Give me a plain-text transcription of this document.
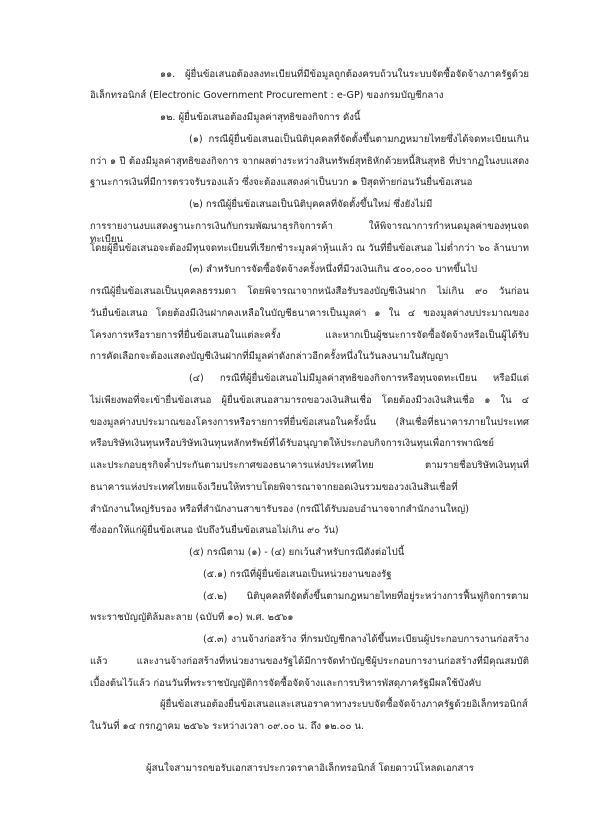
๑๑. ผู้ยื่นข้อเสนอต้องลงทะเบียนที่มีข้อมูลถูกต้องครบถ้วนในระบบจัดซื้อจัดจ้างภาครัฐด้วย
อิเล็กทรอนิกส์ (Electronic Government Procurement : e-GP) ของกรมบัญชีกลาง
๑๒. ผู้ยื่นข้อเสนอต้องมีมูลค่าสุทธิของกิจการ ดังนี้
(๑) กรณีผู้ยื่นข้อเสนอเป็นนิติบุคคลที่จัดตั้งขึ้นตามกฎหมายไทยซึ่งได้จดทะเบียนเกิน
กว่า ๑ ปี ต้องมีมูลค่าสุทธิของกิจการ จากผลต่างระหว่างสินทรัพย์สุทธิหักด้วยหนี้สินสุทธิ ที่ปรากฏในงบแสดง
ฐานะการเงินที่มีการตรวจรับรองแล้ว ซึ่งจะต้องแสดงค่าเป็นบวก ๑ ปีสุดท้ายก่อนวันยื่นข้อเสนอ
(๒) กรณีผู้ยื่นข้อเสนอเป็นนิติบุคคลที่จัดตั้งขึ้นใหม่ ซึ่งยังไม่มี
การรายงานงบแสดงฐานะการเงินกับกรมพัฒนาธุรกิจการค้า ให้พิจารณาการกำหนดมูลค่าของทุนจดทะเบียน
โดยผู้ยื่นข้อเสนอจะต้องมีทุนจดทะเบียนที่เรียกชำระมูลค่าหุ้นแล้ว ณ วันที่ยื่นข้อเสนอ ไม่ต่ำกว่า ๖๐ ล้านบาท
(๓) สำหรับการจัดซื้อจัดจ้างครั้งหนึ่งที่มีวงเงินเกิน ๕๐๐,๐๐๐ บาทขึ้นไป
กรณีผู้ยื่นข้อเสนอเป็นบุคคลธรรมดา โดยพิจารณาจากหนังสือรับรองบัญชีเงินฝาก ไม่เกิน ๙๐ วันก่อน
วันยื่นข้อเสนอ โดยต้องมีเงินฝากคงเหลือในบัญชีธนาคารเป็นมูลค่า ๑ ใน ๔ ของมูลค่างบประมาณของ
โครงการหรือรายการที่ยื่นข้อเสนอในแต่ละครั้ง และหากเป็นผู้ชนะการจัดซื้อจัดจ้างหรือเป็นผู้ได้รับ
การคัดเลือกจะต้องแสดงบัญชีเงินฝากที่มีมูลค่าดังกล่าวอีกครั้งหนึ่งในวันลงนามในสัญญา
(๔) กรณีที่ผู้ยื่นข้อเสนอไม่มีมูลค่าสุทธิของกิจการหรือทุนจดทะเบียน หรือมีแต่
ไม่เพียงพอที่จะเข้ายื่นข้อเสนอ ผู้ยื่นข้อเสนอสามารถขอวงเงินสินเชื่อ โดยต้องมีวงเงินสินเชื่อ ๑ ใน ๔
ของมูลค่างบประมาณของโครงการหรือรายการที่ยื่นข้อเสนอในครั้งนั้น (สินเชื่อที่ธนาคารภายในประเทศ
หรือบริษัทเงินทุนหรือบริษัทเงินทุนหลักทรัพย์ที่ได้รับอนุญาตให้ประกอบกิจการเงินทุนเพื่อการพาณิชย์
และประกอบธุรกิจค้ำประกันตามประกาศของธนาคารแห่งประเทศไทย ตามรายชื่อบริษัทเงินทุนที่
ธนาคารแห่งประเทศไทยแจ้งเวียนให้ทราบโดยพิจารณาจากยอดเงินรวมของวงเงินสินเชื่อที่
สำนักงานใหญ่รับรอง หรือที่สำนักงานสาขารับรอง (กรณีได้รับมอบอำนาจจากสำนักงานใหญ่)
ซึ่งออกให้แก่ผู้ยื่นข้อเสนอ นับถึงวันยื่นข้อเสนอไม่เกิน ๙๐ วัน)
(๕) กรณีตาม (๑) - (๔) ยกเว้นสำหรับกรณีดังต่อไปนี้
(๕.๑) กรณีที่ผู้ยื่นข้อเสนอเป็นหน่วยงานของรัฐ
(๕.๒) นิติบุคคลที่จัดตั้งขึ้นตามกฎหมายไทยที่อยู่ระหว่างการฟื้นฟูกิจการตาม
พระราชบัญญัติล้มละลาย (ฉบับที่ ๑๐) พ.ศ. ๒๕๖๑
(๕.๓) งานจ้างก่อสร้าง ที่กรมบัญชีกลางได้ขึ้นทะเบียนผู้ประกอบการงานก่อสร้าง
แล้ว และงานจ้างก่อสร้างที่หน่วยงานของรัฐได้มีการจัดทำบัญชีผู้ประกอบการงานก่อสร้างที่มีคุณสมบัติ
เบื้องต้นไว้แล้ว ก่อนวันที่พระราชบัญญัติการจัดซื้อจัดจ้างและการบริหารพัสดุภาครัฐมีผลใช้บังคับ
ผู้ยื่นข้อเสนอต้องยื่นข้อเสนอและเสนอราคาทางระบบจัดซื้อจัดจ้างภาครัฐด้วยอิเล็กทรอนิกส์
ในวันที่ ๑๔ กรกฎาคม ๒๕๖๖ ระหว่างเวลา ๐๙.๐๐ น. ถึง ๑๒.๐๐ น.
ผู้สนใจสามารถขอรับเอกสารประกวดราคาอิเล็กทรอนิกส์ โดยดาวน์โหลดเอกสาร
